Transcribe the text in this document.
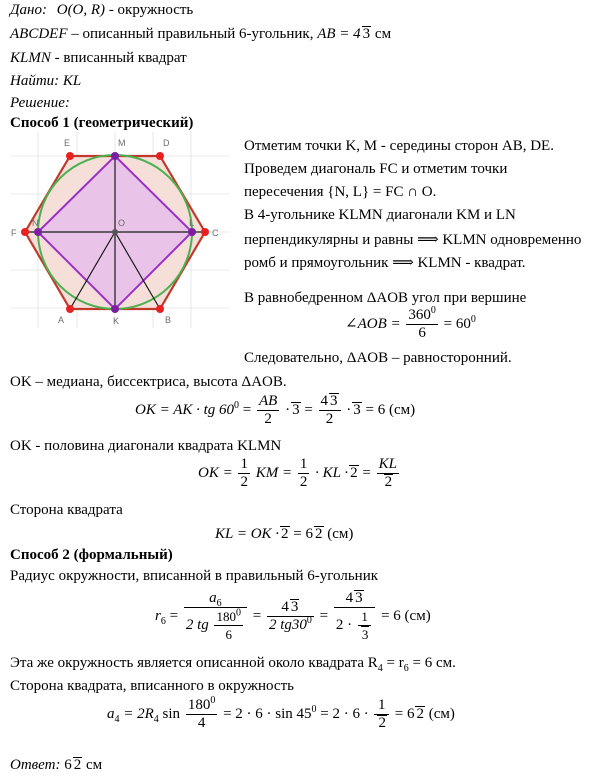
Дано: O(O, R) - окружность
ABCDEF – описанный правильный 6-угольник, AB = 4 3 см
KLMN - вписанный квадрат
Найти: KL
Решение:
Способ 1 (геометрический)
E	M	D
N	O	L
F	C
A	K	B
Отметим точки K, M - середины сторон AB, DE.
Проведем диагональ FC и отметим точки
пересечения {N, L} = FC ∩ O.
В 4-угольнике KLMN диагонали KM и LN
перпендикулярны и равны ⟹ KLMN одновременно
ромб и прямоугольник ⟹ KLMN - квадрат.
В равнобедренном ΔAOB угол при вершине
∠AOB = $\frac{360^0}{6} = 60^0$
Следовательно, ΔAOB – равносторонний.
OK – медиана, биссектриса, высота ΔAOB.
OK = AK · tg $60^0 = \frac{AB}{2} \cdot 3 = \frac{4 3}{2} \cdot 3 = 6$ (см)
OK - половина диагонали квадрата KLMN
OK = $\frac{1}{2}$ KM = $\frac{1}{2}$ · KL · $2 = \frac{KL}{2}$
Сторона квадрата
KL = OK · 2 = 6 2 (см)
Способ 2 (формальный)
Радиус окружности, вписанной в правильный 6-угольник
$r_6 = \frac{a_6}{2 tg \frac{180^0}{6}} = \frac{4 3}{2 tg30^0} = \frac{4 3}{2 \cdot \frac{1}{3}} = 6$ (см)
Эта же окружность является описанной около квадрата $R_4 = r_6 = 6$ см.
Сторона квадрата, вписанного в окружность
$a_4 = 2R_4$ $\sin \frac{180^0}{4} = 2 \cdot 6 \cdot \sin 45^0 = 2 \cdot 6 \cdot \frac{1}{2} = 6$ 2 (см)
Ответ: 6 2 см
